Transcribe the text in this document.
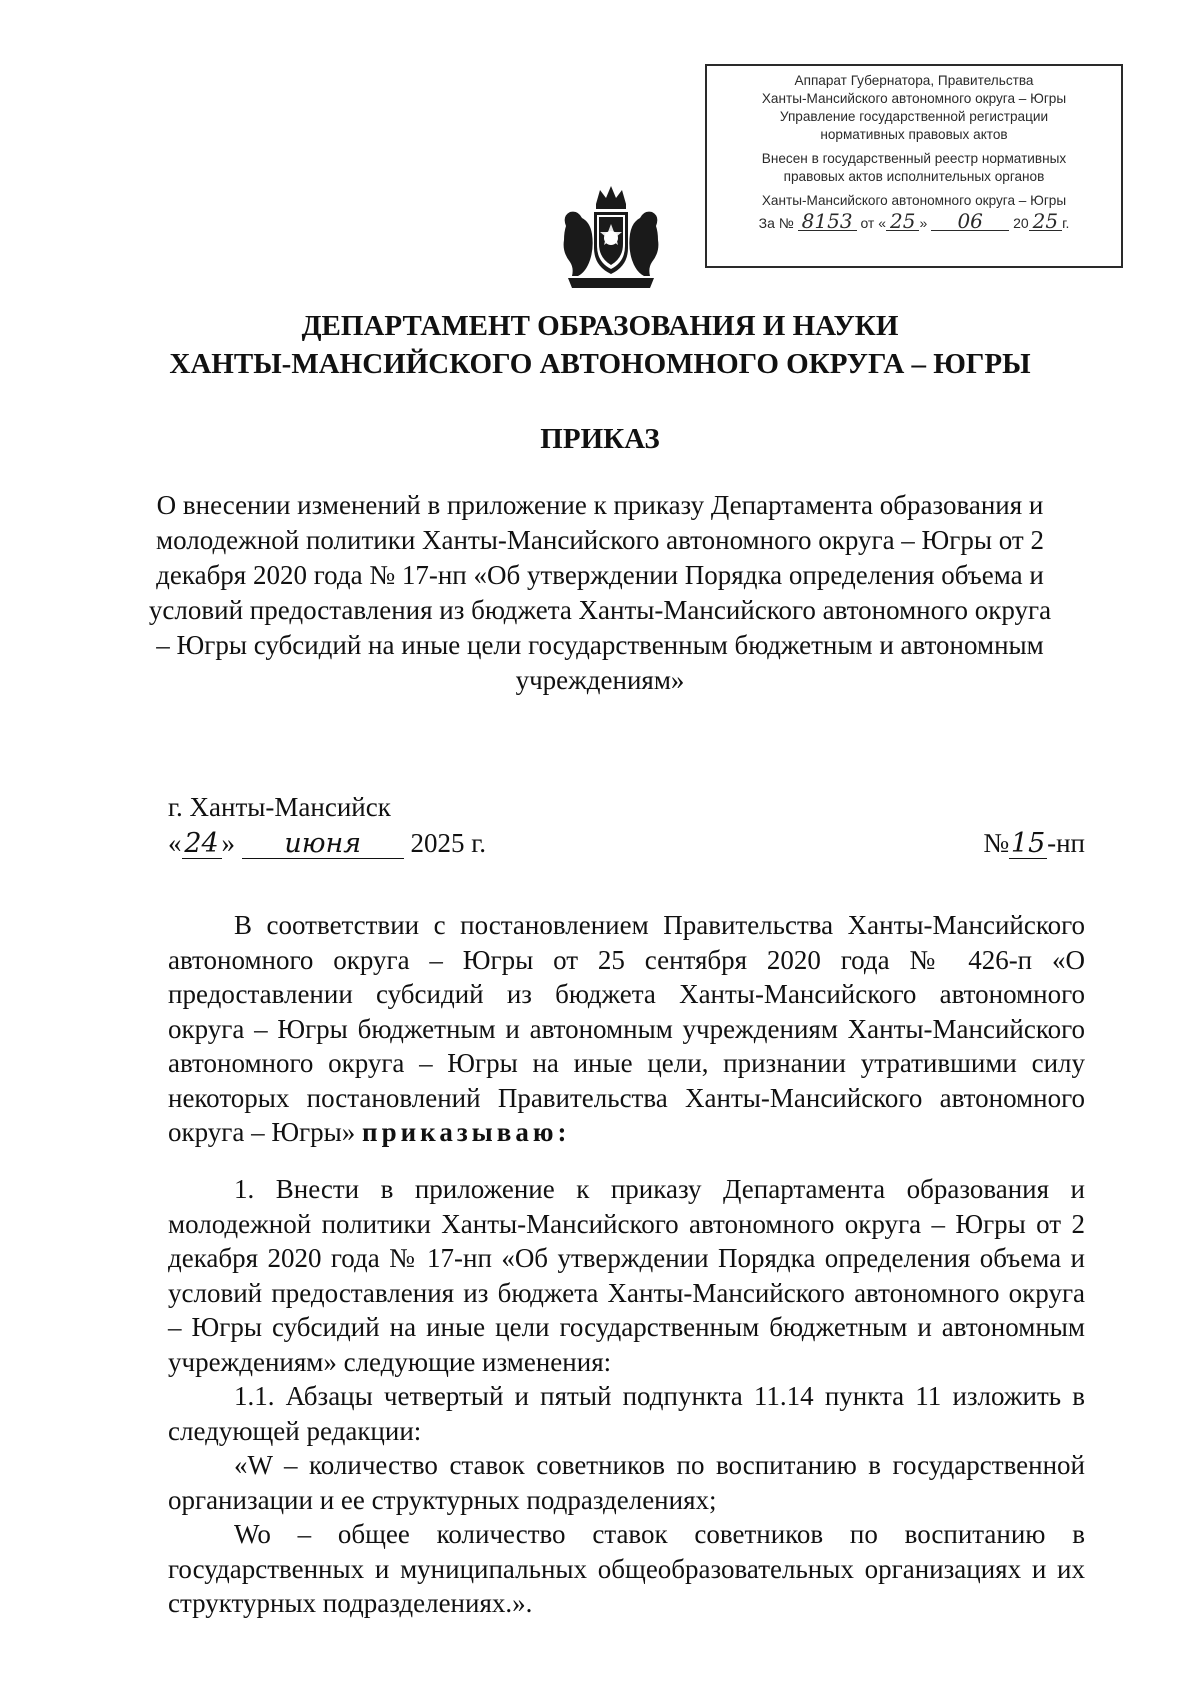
Аппарат Губернатора, Правительства
Ханты-Мансийского автономного округа – Югры
Управление государственной регистрации
нормативных правовых актов
Внесен в государственный реестр нормативных
правовых актов исполнительных органов
Ханты-Мансийского автономного округа – Югры
За № 8153 от « 25 » 06 20 25 г.
ДЕПАРТАМЕНТ ОБРАЗОВАНИЯ И НАУКИ
ХАНТЫ-МАНСИЙСКОГО АВТОНОМНОГО ОКРУГА – ЮГРЫ
ПРИКАЗ
О внесении изменений в приложение к приказу Департамента образования и молодежной политики Ханты-Мансийского автономного округа – Югры от 2 декабря 2020 года № 17-нп «Об утверждении Порядка определения объема и условий предоставления из бюджета Ханты-Мансийского автономного округа – Югры субсидий на иные цели государственным бюджетным и автономным учреждениям»
г. Ханты-Мансийск
« 24 » июня 2025 г.	№15-нп
В соответствии с постановлением Правительства Ханты-Мансийского автономного округа – Югры от 25 сентября 2020 года № 426-п «О предоставлении субсидий из бюджета Ханты-Мансийского автономного округа – Югры бюджетным и автономным учреждениям Ханты-Мансийского автономного округа – Югры на иные цели, признании утратившими силу некоторых постановлений Правительства Ханты-Мансийского автономного округа – Югры» приказываю:
1. Внести в приложение к приказу Департамента образования и молодежной политики Ханты-Мансийского автономного округа – Югры от 2 декабря 2020 года № 17-нп «Об утверждении Порядка определения объема и условий предоставления из бюджета Ханты-Мансийского автономного округа – Югры субсидий на иные цели государственным бюджетным и автономным учреждениям» следующие изменения:
1.1. Абзацы четвертый и пятый подпункта 11.14 пункта 11 изложить в следующей редакции:
«W – количество ставок советников по воспитанию в государственной организации и ее структурных подразделениях;
Wo – общее количество ставок советников по воспитанию в государственных и муниципальных общеобразовательных организациях и их структурных подразделениях.».
